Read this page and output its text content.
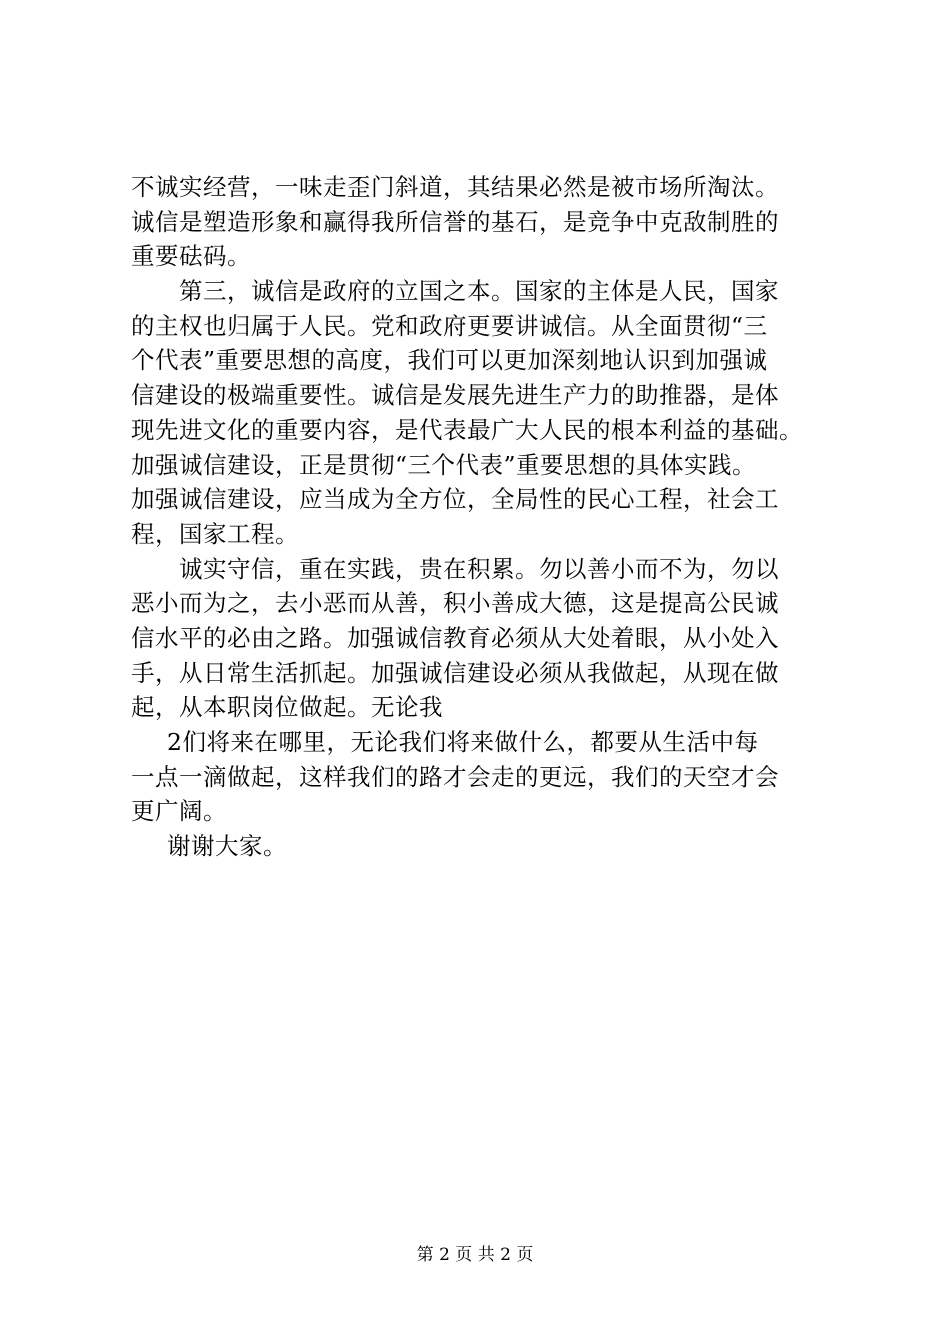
不诚实经营，一味走歪门斜道，其结果必然是被市场所淘汰。
诚信是塑造形象和赢得我所信誉的基石，是竞争中克敌制胜的
重要砝码。

第三，诚信是政府的立国之本。国家的主体是人民，国家
的主权也归属于人民。党和政府更要讲诚信。从全面贯彻“三
个代表”重要思想的高度，我们可以更加深刻地认识到加强诚
信建设的极端重要性。诚信是发展先进生产力的助推器，是体
现先进文化的重要内容，是代表最广大人民的根本利益的基础。
加强诚信建设，正是贯彻“三个代表”重要思想的具体实践。
加强诚信建设，应当成为全方位，全局性的民心工程，社会工
程，国家工程。

诚实守信，重在实践，贵在积累。勿以善小而不为，勿以
恶小而为之，去小恶而从善，积小善成大德，这是提高公民诚
信水平的必由之路。加强诚信教育必须从大处着眼，从小处入
手，从日常生活抓起。加强诚信建设必须从我做起，从现在做
起，从本职岗位做起。无论我

2们将来在哪里，无论我们将来做什么，都要从生活中每
一点一滴做起，这样我们的路才会走的更远，我们的天空才会
更广阔。

谢谢大家。

第 2 页 共 2 页
